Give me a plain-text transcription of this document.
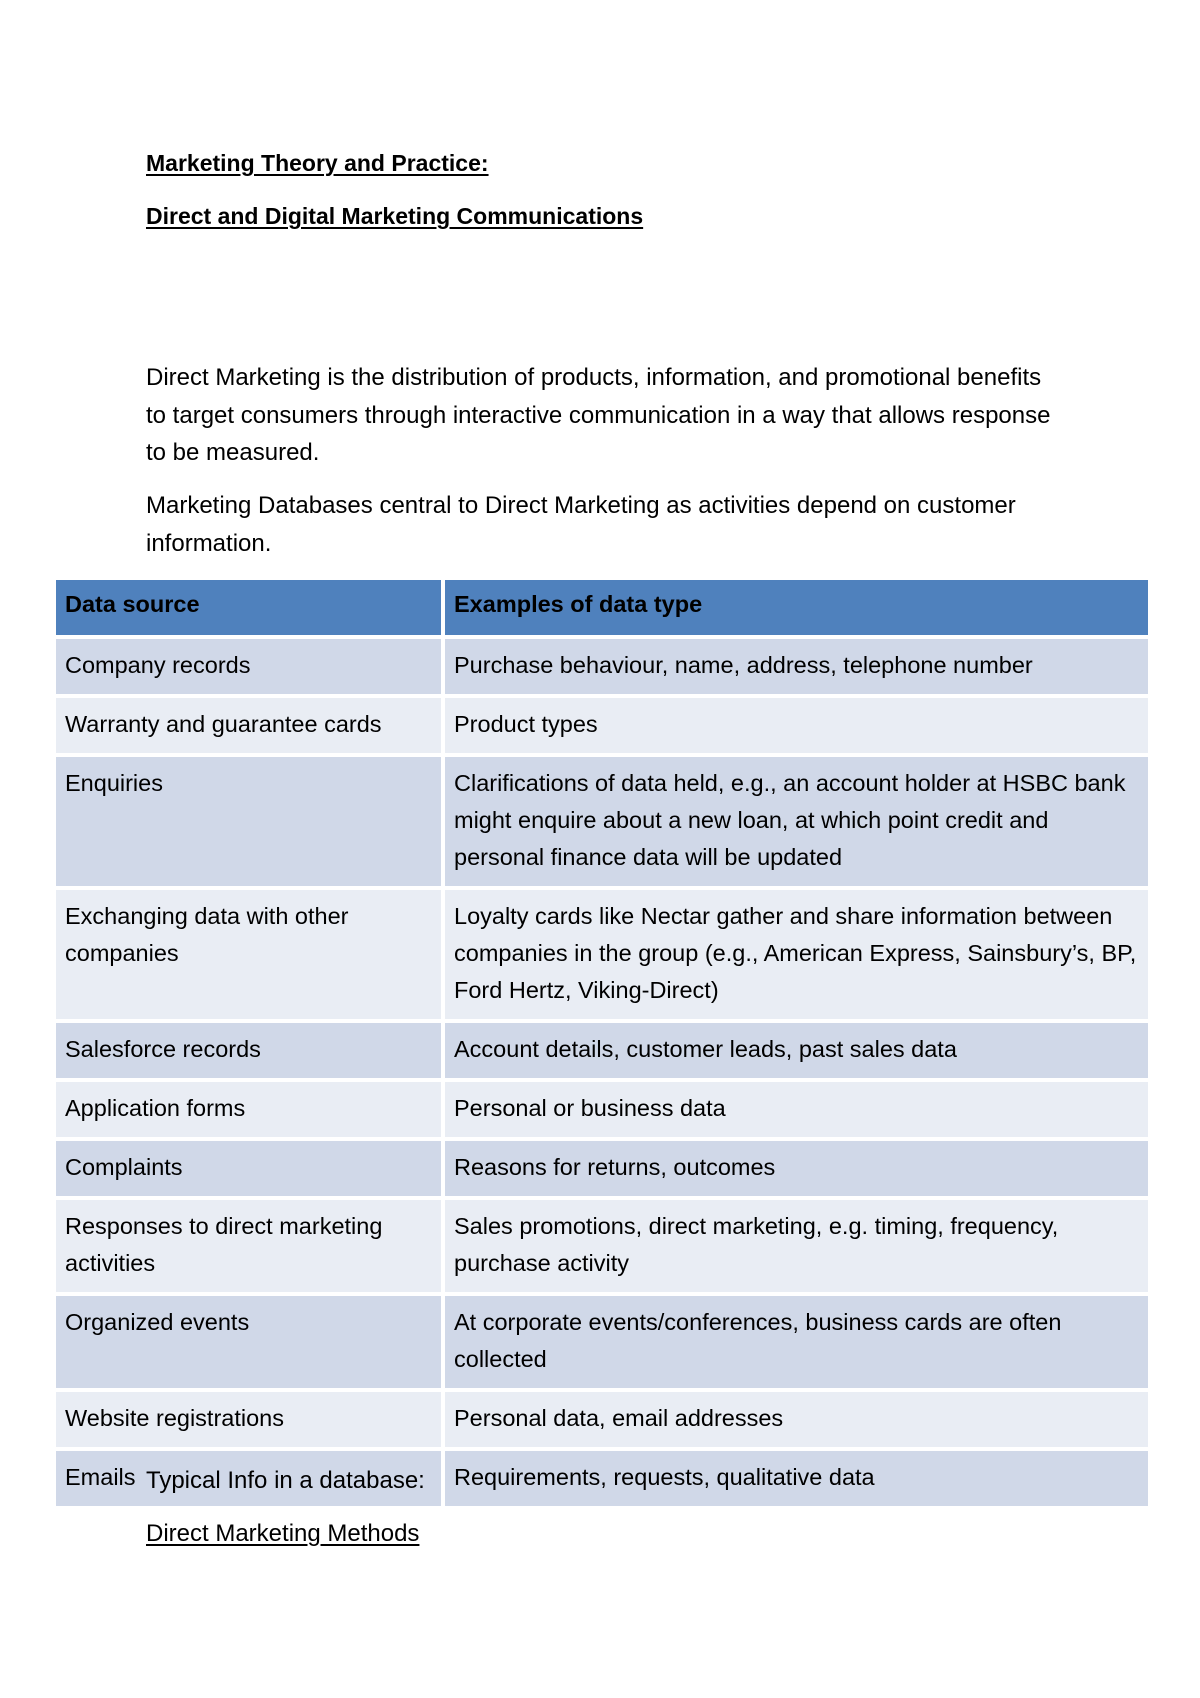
Marketing Theory and Practice:
Direct and Digital Marketing Communications

Direct Marketing is the distribution of products, information, and promotional benefits to target consumers through interactive communication in a way that allows response to be measured.

Marketing Databases central to Direct Marketing as activities depend on customer information.

Data source	Examples of data type
Company records	Purchase behaviour, name, address, telephone number
Warranty and guarantee cards	Product types
Enquiries	Clarifications of data held, e.g., an account holder at HSBC bank might enquire about a new loan, at which point credit and personal finance data will be updated
Exchanging data with other companies	Loyalty cards like Nectar gather and share information between companies in the group (e.g., American Express, Sainsbury’s, BP, Ford Hertz, Viking-Direct)
Salesforce records	Account details, customer leads, past sales data
Application forms	Personal or business data
Complaints	Reasons for returns, outcomes
Responses to direct marketing activities	Sales promotions, direct marketing, e.g. timing, frequency, purchase activity
Organized events	At corporate events/conferences, business cards are often collected
Website registrations	Personal data, email addresses
Emails	Requirements, requests, qualitative data
Typical Info in a database:
Direct Marketing Methods
